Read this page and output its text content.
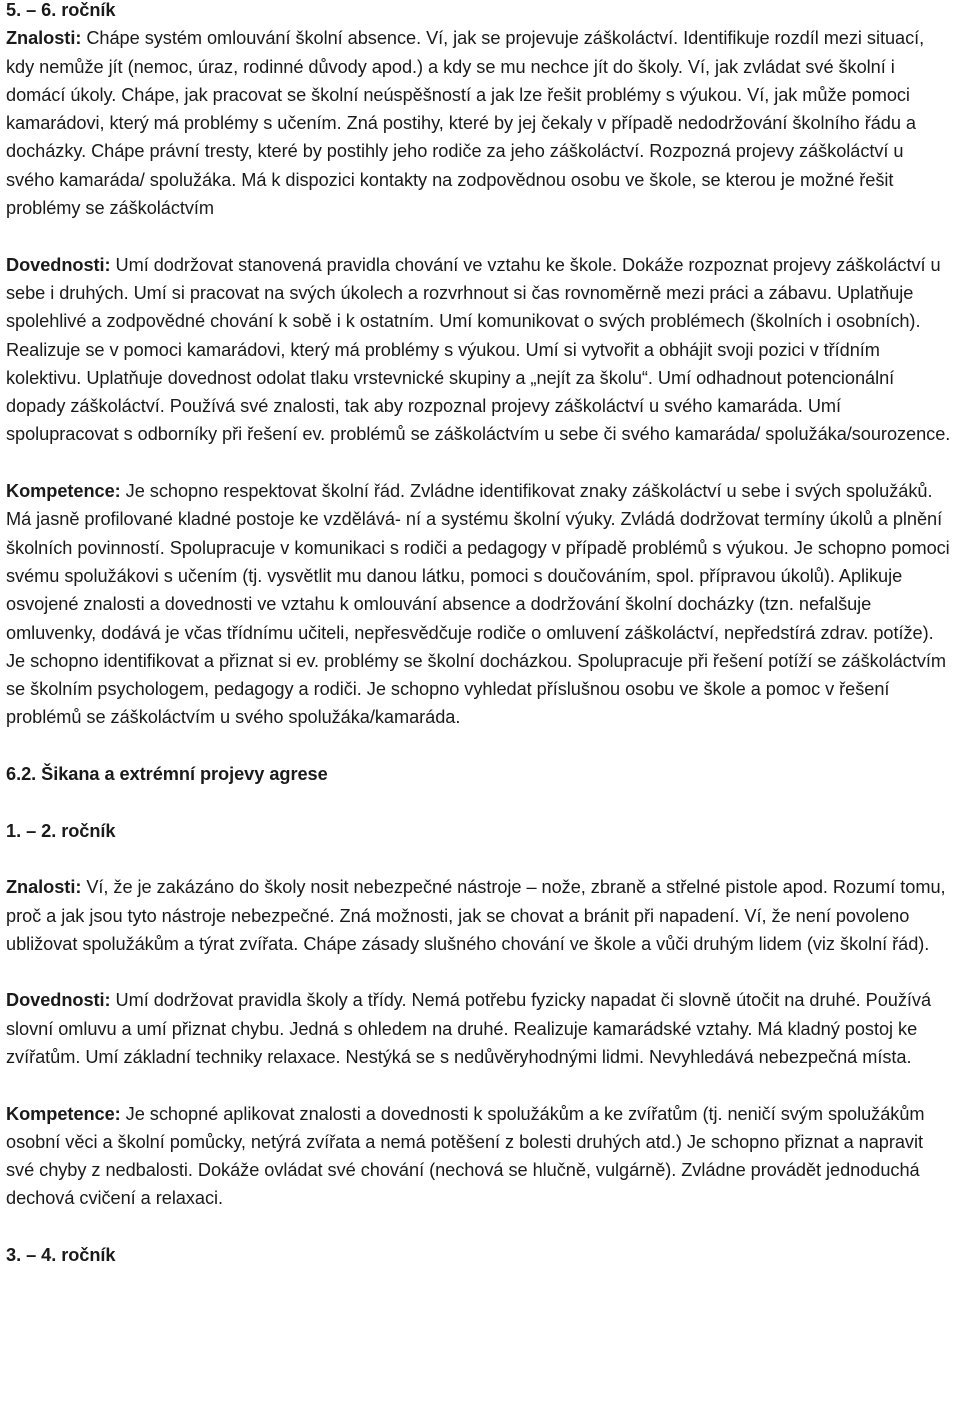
5. – 6. ročník

Znalosti: Chápe systém omlouvání školní absence. Ví, jak se projevuje záškoláctví. Identifikuje rozdíl mezi situací, kdy nemůže jít (nemoc, úraz, rodinné důvody apod.) a kdy se mu nechce jít do školy. Ví, jak zvládat své školní i domácí úkoly. Chápe, jak pracovat se školní neúspěšností a jak lze řešit problémy s výukou. Ví, jak může pomoci kamarádovi, který má problémy s učením. Zná postihy, které by jej čekaly v případě nedodržování školního řádu a docházky. Chápe právní tresty, které by postihly jeho rodiče za jeho záškoláctví. Rozpozná projevy záškoláctví u svého kamaráda/ spolužáka. Má k dispozici kontakty na zodpovědnou osobu ve škole, se kterou je možné řešit problémy se záškoláctvím

Dovednosti: Umí dodržovat stanovená pravidla chování ve vztahu ke škole. Dokáže rozpoznat projevy záškoláctví u sebe i druhých. Umí si pracovat na svých úkolech a rozvrhnout si čas rovnoměrně mezi práci a zábavu. Uplatňuje spolehlivé a zodpovědné chování k sobě i k ostatním. Umí komunikovat o svých problémech (školních i osobních). Realizuje se v pomoci kamarádovi, který má problémy s výukou. Umí si vytvořit a obhájit svoji pozici v třídním kolektivu. Uplatňuje dovednost odolat tlaku vrstevnické skupiny a „nejít za školu“. Umí odhadnout potencionální dopady záškoláctví. Používá své znalosti, tak aby rozpoznal projevy záškoláctví u svého kamaráda. Umí spolupracovat s odborníky při řešení ev. problémů se záškoláctvím u sebe či svého kamaráda/ spolužáka/sourozence.

Kompetence: Je schopno respektovat školní řád. Zvládne identifikovat znaky záškoláctví u sebe i svých spolužáků. Má jasně profilované kladné postoje ke vzdělává- ní a systému školní výuky. Zvládá dodržovat termíny úkolů a plnění školních povinností. Spolupracuje v komunikaci s rodiči a pedagogy v případě problémů s výukou. Je schopno pomoci svému spolužákovi s učením (tj. vysvětlit mu danou látku, pomoci s doučováním, spol. přípravou úkolů). Aplikuje osvojené znalosti a dovednosti ve vztahu k omlouvání absence a dodržování školní docházky (tzn. nefalšuje omluvenky, dodává je včas třídnímu učiteli, nepřesvědčuje rodiče o omluvení záškoláctví, nepředstírá zdrav. potíže). Je schopno identifikovat a přiznat si ev. problémy se školní docházkou. Spolupracuje při řešení potíží se záškoláctvím se školním psychologem, pedagogy a rodiči. Je schopno vyhledat příslušnou osobu ve škole a pomoc v řešení problémů se záškoláctvím u svého spolužáka/kamaráda.

6.2. Šikana a extrémní projevy agrese
1. – 2. ročník

Znalosti: Ví, že je zakázáno do školy nosit nebezpečné nástroje – nože, zbraně a střelné pistole apod. Rozumí tomu, proč a jak jsou tyto nástroje nebezpečné. Zná možnosti, jak se chovat a bránit při napadení. Ví, že není povoleno ubližovat spolužákům a týrat zvířata. Chápe zásady slušného chování ve škole a vůči druhým lidem (viz školní řád).

Dovednosti: Umí dodržovat pravidla školy a třídy. Nemá potřebu fyzicky napadat či slovně útočit na druhé. Používá slovní omluvu a umí přiznat chybu. Jedná s ohledem na druhé. Realizuje kamarádské vztahy. Má kladný postoj ke zvířatům. Umí základní techniky relaxace. Nestýká se s nedůvěryhodnými lidmi. Nevyhledává nebezpečná místa.

Kompetence: Je schopné aplikovat znalosti a dovednosti k spolužákům a ke zvířatům (tj. neničí svým spolužákům osobní věci a školní pomůcky, netýrá zvířata a nemá potěšení z bolesti druhých atd.) Je schopno přiznat a napravit své chyby z nedbalosti. Dokáže ovládat své chování (nechová se hlučně, vulgárně). Zvládne provádět jednoduchá dechová cvičení a relaxaci.

3. – 4. ročník
